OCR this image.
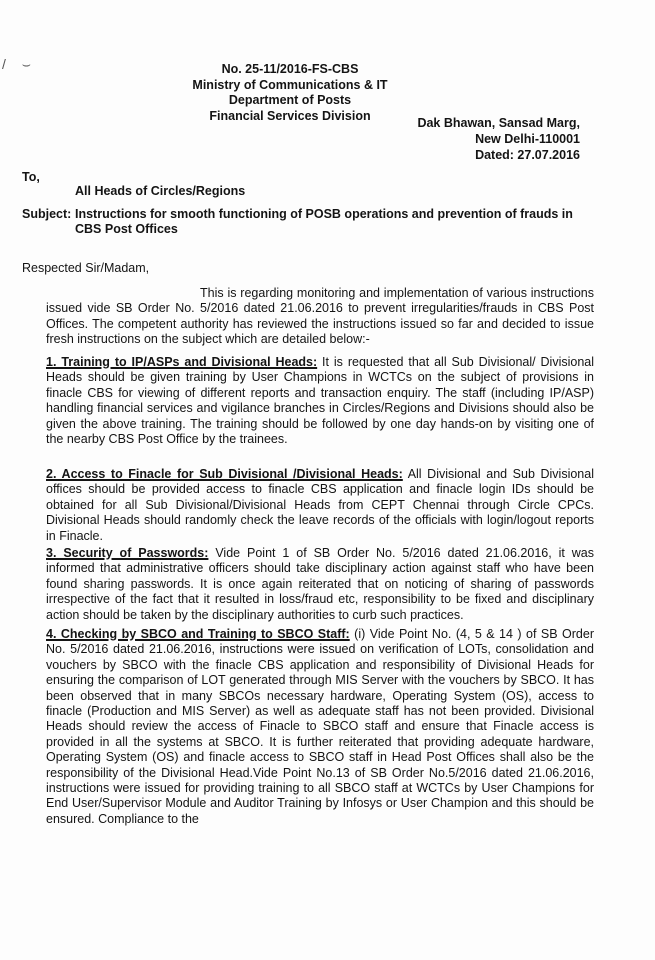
/ ⌣	No. 25-11/2016-FS-CBS
Ministry of Communications & IT
Department of Posts
Financial Services Division
Dak Bhawan, Sansad Marg,
New Delhi-110001
Dated: 27.07.2016
To,
All Heads of Circles/Regions
Subject: Instructions for smooth functioning of POSB operations and prevention of frauds in CBS Post Offices
Respected Sir/Madam,
This is regarding monitoring and implementation of various instructions issued vide SB Order No. 5/2016 dated 21.06.2016 to prevent irregularities/frauds in CBS Post Offices. The competent authority has reviewed the instructions issued so far and decided to issue fresh instructions on the subject which are detailed below:-
1. Training to IP/ASPs and Divisional Heads: It is requested that all Sub Divisional/ Divisional Heads should be given training by User Champions in WCTCs on the subject of provisions in finacle CBS for viewing of different reports and transaction enquiry. The staff (including IP/ASP) handling financial services and vigilance branches in Circles/Regions and Divisions should also be given the above training. The training should be followed by one day hands-on by visiting one of the nearby CBS Post Office by the trainees.
2. Access to Finacle for Sub Divisional /Divisional Heads: All Divisional and Sub Divisional offices should be provided access to finacle CBS application and finacle login IDs should be obtained for all Sub Divisional/Divisional Heads from CEPT Chennai through Circle CPCs. Divisional Heads should randomly check the leave records of the officials with login/logout reports in Finacle.
3. Security of Passwords: Vide Point 1 of SB Order No. 5/2016 dated 21.06.2016, it was informed that administrative officers should take disciplinary action against staff who have been found sharing passwords. It is once again reiterated that on noticing of sharing of passwords irrespective of the fact that it resulted in loss/fraud etc, responsibility to be fixed and disciplinary action should be taken by the disciplinary authorities to curb such practices.
4. Checking by SBCO and Training to SBCO Staff: (i) Vide Point No. (4, 5 & 14 ) of SB Order No. 5/2016 dated 21.06.2016, instructions were issued on verification of LOTs, consolidation and vouchers by SBCO with the finacle CBS application and responsibility of Divisional Heads for ensuring the comparison of LOT generated through MIS Server with the vouchers by SBCO. It has been observed that in many SBCOs necessary hardware, Operating System (OS), access to finacle (Production and MIS Server) as well as adequate staff has not been provided. Divisional Heads should review the access of Finacle to SBCO staff and ensure that Finacle access is provided in all the systems at SBCO. It is further reiterated that providing adequate hardware, Operating System (OS) and finacle access to SBCO staff in Head Post Offices shall also be the responsibility of the Divisional Head.Vide Point No.13 of SB Order No.5/2016 dated 21.06.2016, instructions were issued for providing training to all SBCO staff at WCTCs by User Champions for End User/Supervisor Module and Auditor Training by Infosys or User Champion and this should be ensured. Compliance to the
